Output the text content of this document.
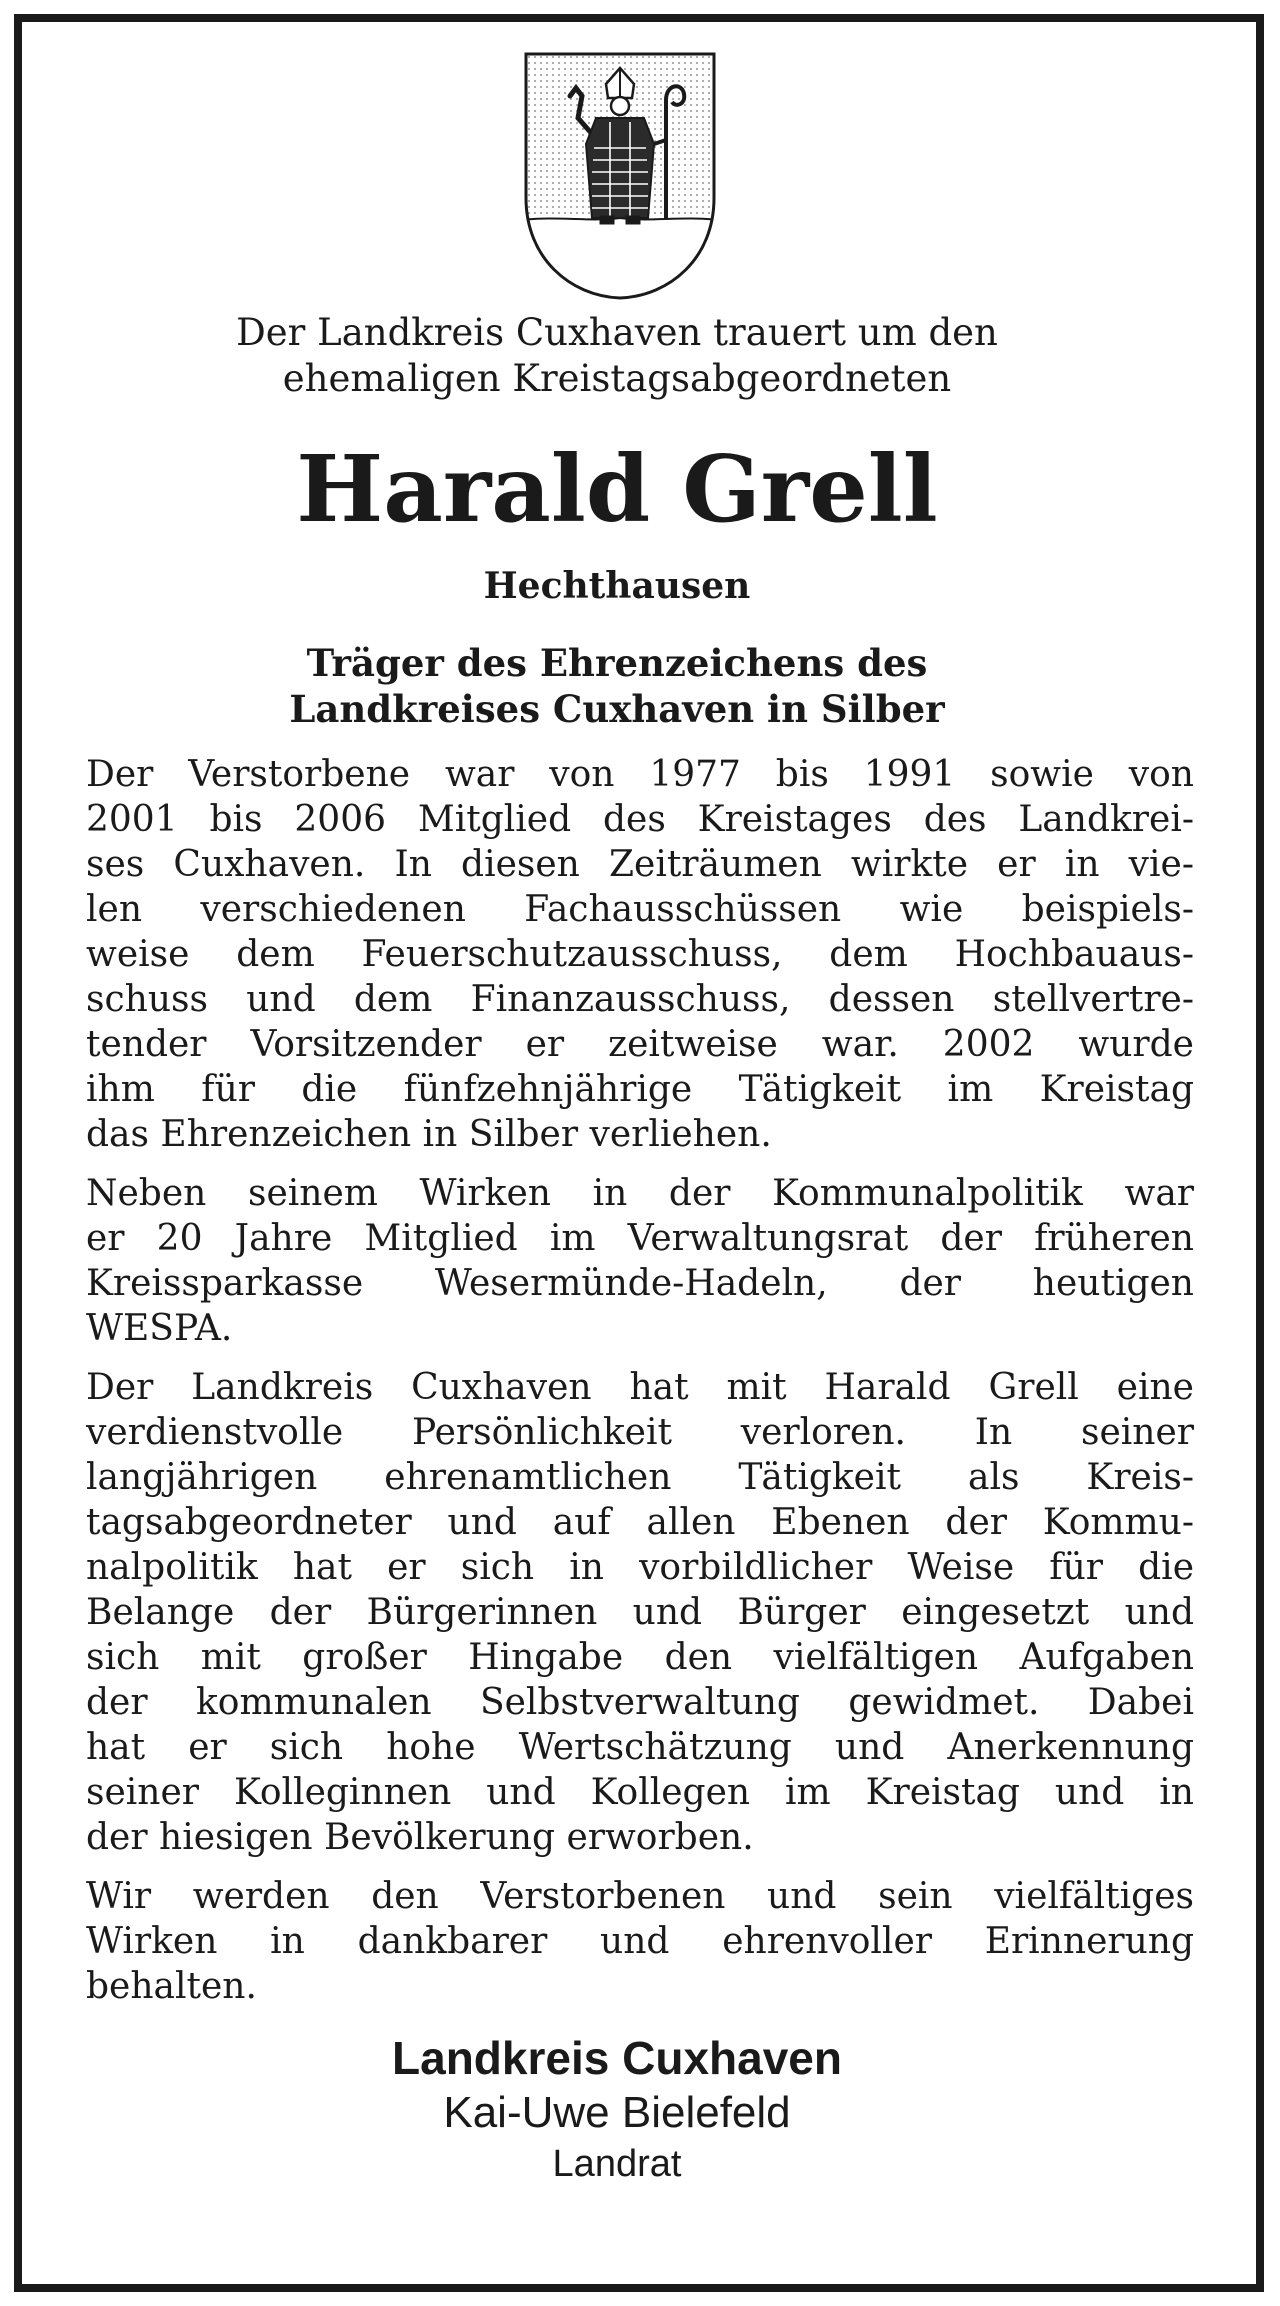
Der Landkreis Cuxhaven trauert um den
ehemaligen Kreistagsabgeordneten
Harald Grell
Hechthausen
Träger des Ehrenzeichens des
Landkreises Cuxhaven in Silber
Der Verstorbene war von 1977 bis 1991 sowie von
2001 bis 2006 Mitglied des Kreistages des Landkrei-
ses Cuxhaven. In diesen Zeiträumen wirkte er in vie-
len verschiedenen Fachausschüssen wie beispiels-
weise dem Feuerschutzausschuss, dem Hochbauaus-
schuss und dem Finanzausschuss, dessen stellvertre-
tender Vorsitzender er zeitweise war. 2002 wurde
ihm für die fünfzehnjährige Tätigkeit im Kreistag
das Ehrenzeichen in Silber verliehen.
Neben seinem Wirken in der Kommunalpolitik war
er 20 Jahre Mitglied im Verwaltungsrat der früheren
Kreissparkasse Wesermünde-Hadeln, der heutigen
WESPA.
Der Landkreis Cuxhaven hat mit Harald Grell eine
verdienstvolle Persönlichkeit verloren. In seiner
langjährigen ehrenamtlichen Tätigkeit als Kreis-
tagsabgeordneter und auf allen Ebenen der Kommu-
nalpolitik hat er sich in vorbildlicher Weise für die
Belange der Bürgerinnen und Bürger eingesetzt und
sich mit großer Hingabe den vielfältigen Aufgaben
der kommunalen Selbstverwaltung gewidmet. Dabei
hat er sich hohe Wertschätzung und Anerkennung
seiner Kolleginnen und Kollegen im Kreistag und in
der hiesigen Bevölkerung erworben.
Wir werden den Verstorbenen und sein vielfältiges
Wirken in dankbarer und ehrenvoller Erinnerung
behalten.
Landkreis Cuxhaven
Kai-Uwe Bielefeld
Landrat
